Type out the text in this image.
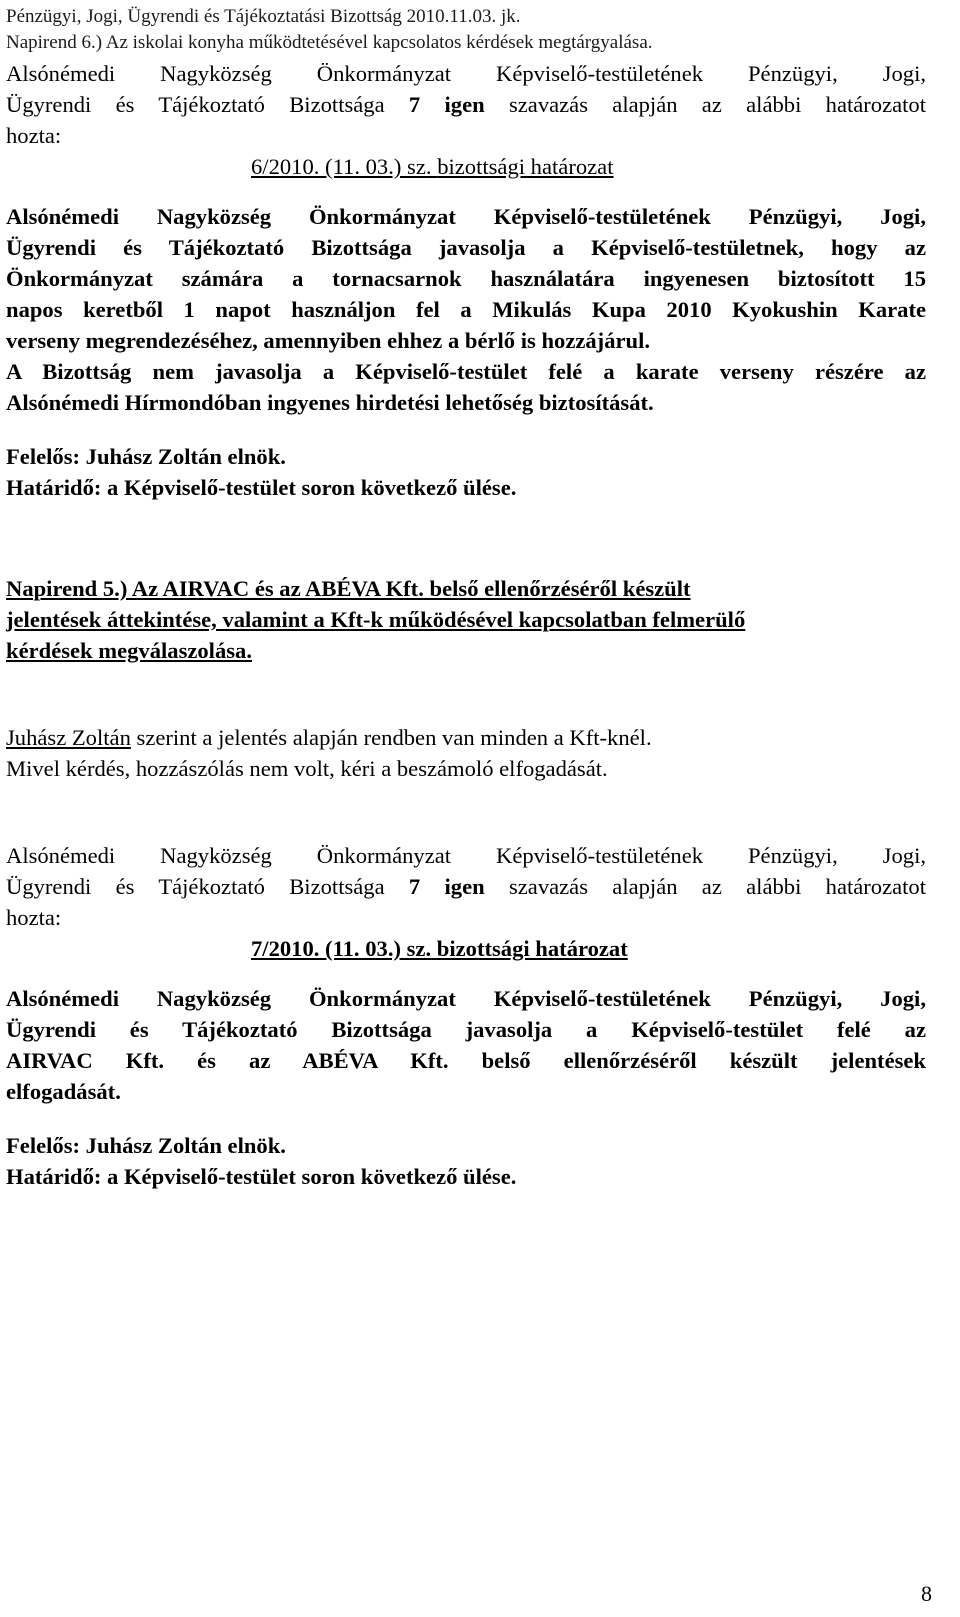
Pénzügyi, Jogi, Ügyrendi és Tájékoztatási Bizottság 2010.11.03. jk.
Napirend 6.) Az iskolai konyha működtetésével kapcsolatos kérdések megtárgyalása.
Alsónémedi Nagyközség Önkormányzat Képviselő-testületének Pénzügyi, Jogi,
Ügyrendi és Tájékoztató Bizottsága 7 igen szavazás alapján az alábbi határozatot
hozta:
6/2010. (11. 03.) sz. bizottsági határozat
Alsónémedi Nagyközség Önkormányzat Képviselő-testületének Pénzügyi, Jogi,
Ügyrendi és Tájékoztató Bizottsága javasolja a Képviselő-testületnek, hogy az
Önkormányzat számára a tornacsarnok használatára ingyenesen biztosított 15
napos keretből 1 napot használjon fel a Mikulás Kupa 2010 Kyokushin Karate
verseny megrendezéséhez, amennyiben ehhez a bérlő is hozzájárul.
A Bizottság nem javasolja a Képviselő-testület felé a karate verseny részére az
Alsónémedi Hírmondóban ingyenes hirdetési lehetőség biztosítását.
Felelős: Juhász Zoltán elnök.
Határidő: a Képviselő-testület soron következő ülése.
Napirend 5.) Az AIRVAC és az ABÉVA Kft. belső ellenőrzéséről készült
jelentések áttekintése, valamint a Kft-k működésével kapcsolatban felmerülő
kérdések megválaszolása.
Juhász Zoltán szerint a jelentés alapján rendben van minden a Kft-knél.
Mivel kérdés, hozzászólás nem volt, kéri a beszámoló elfogadását.
Alsónémedi Nagyközség Önkormányzat Képviselő-testületének Pénzügyi, Jogi,
Ügyrendi és Tájékoztató Bizottsága 7 igen szavazás alapján az alábbi határozatot
hozta:
7/2010. (11. 03.) sz. bizottsági határozat
Alsónémedi Nagyközség Önkormányzat Képviselő-testületének Pénzügyi, Jogi,
Ügyrendi és Tájékoztató Bizottsága javasolja a Képviselő-testület felé az
AIRVAC Kft. és az ABÉVA Kft. belső ellenőrzéséről készült jelentések
elfogadását.
Felelős: Juhász Zoltán elnök.
Határidő: a Képviselő-testület soron következő ülése.
8
